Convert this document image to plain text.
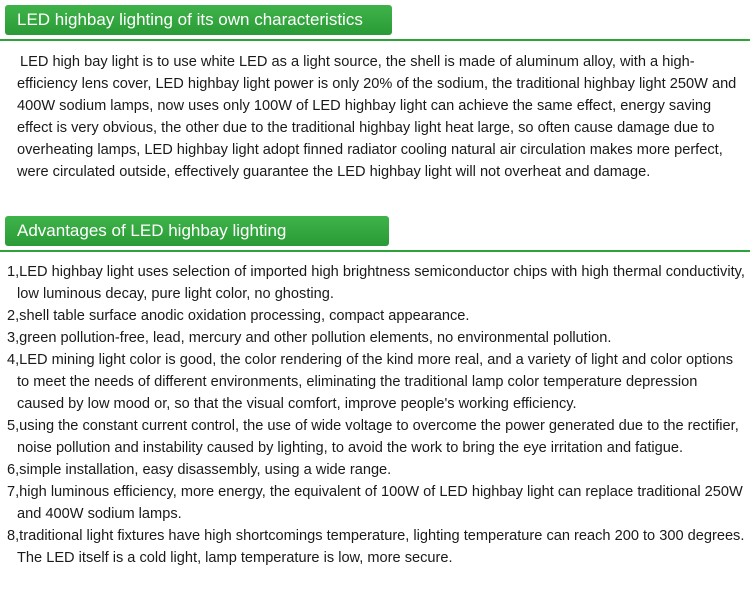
LED highbay lighting of its own characteristics

LED high bay light is to use white LED as a light source, the shell is made of aluminum alloy, with a high-efficiency lens cover, LED highbay light power is only 20% of the sodium, the traditional highbay light 250W and 400W sodium lamps, now uses only 100W of LED highbay light can achieve the same effect, energy saving effect is very obvious, the other due to the traditional highbay light heat large, so often cause damage due to overheating lamps, LED highbay light adopt finned radiator cooling natural air circulation makes more perfect, were circulated outside, effectively guarantee the LED highbay light will not overheat and damage.

Advantages of LED highbay lighting
1,LED highbay light uses selection of imported high brightness semiconductor chips with high thermal conductivity, low luminous decay, pure light color, no ghosting.
2,shell table surface anodic oxidation processing, compact appearance.
3,green pollution-free, lead, mercury and other pollution elements, no environmental pollution.
4,LED mining light color is good, the color rendering of the kind more real, and a variety of light and color options to meet the needs of different environments, eliminating the traditional lamp color temperature depression caused by low mood or, so that the visual comfort, improve people's working efficiency.
5,using the constant current control, the use of wide voltage to overcome the power generated due to the rectifier, noise pollution and instability caused by lighting, to avoid the work to bring the eye irritation and fatigue.
6,simple installation, easy disassembly, using a wide range.
7,high luminous efficiency, more energy, the equivalent of 100W of LED highbay light can replace traditional 250W and 400W sodium lamps.
8,traditional light fixtures have high shortcomings temperature, lighting temperature can reach 200 to 300 degrees. The LED itself is a cold light, lamp temperature is low, more secure.
